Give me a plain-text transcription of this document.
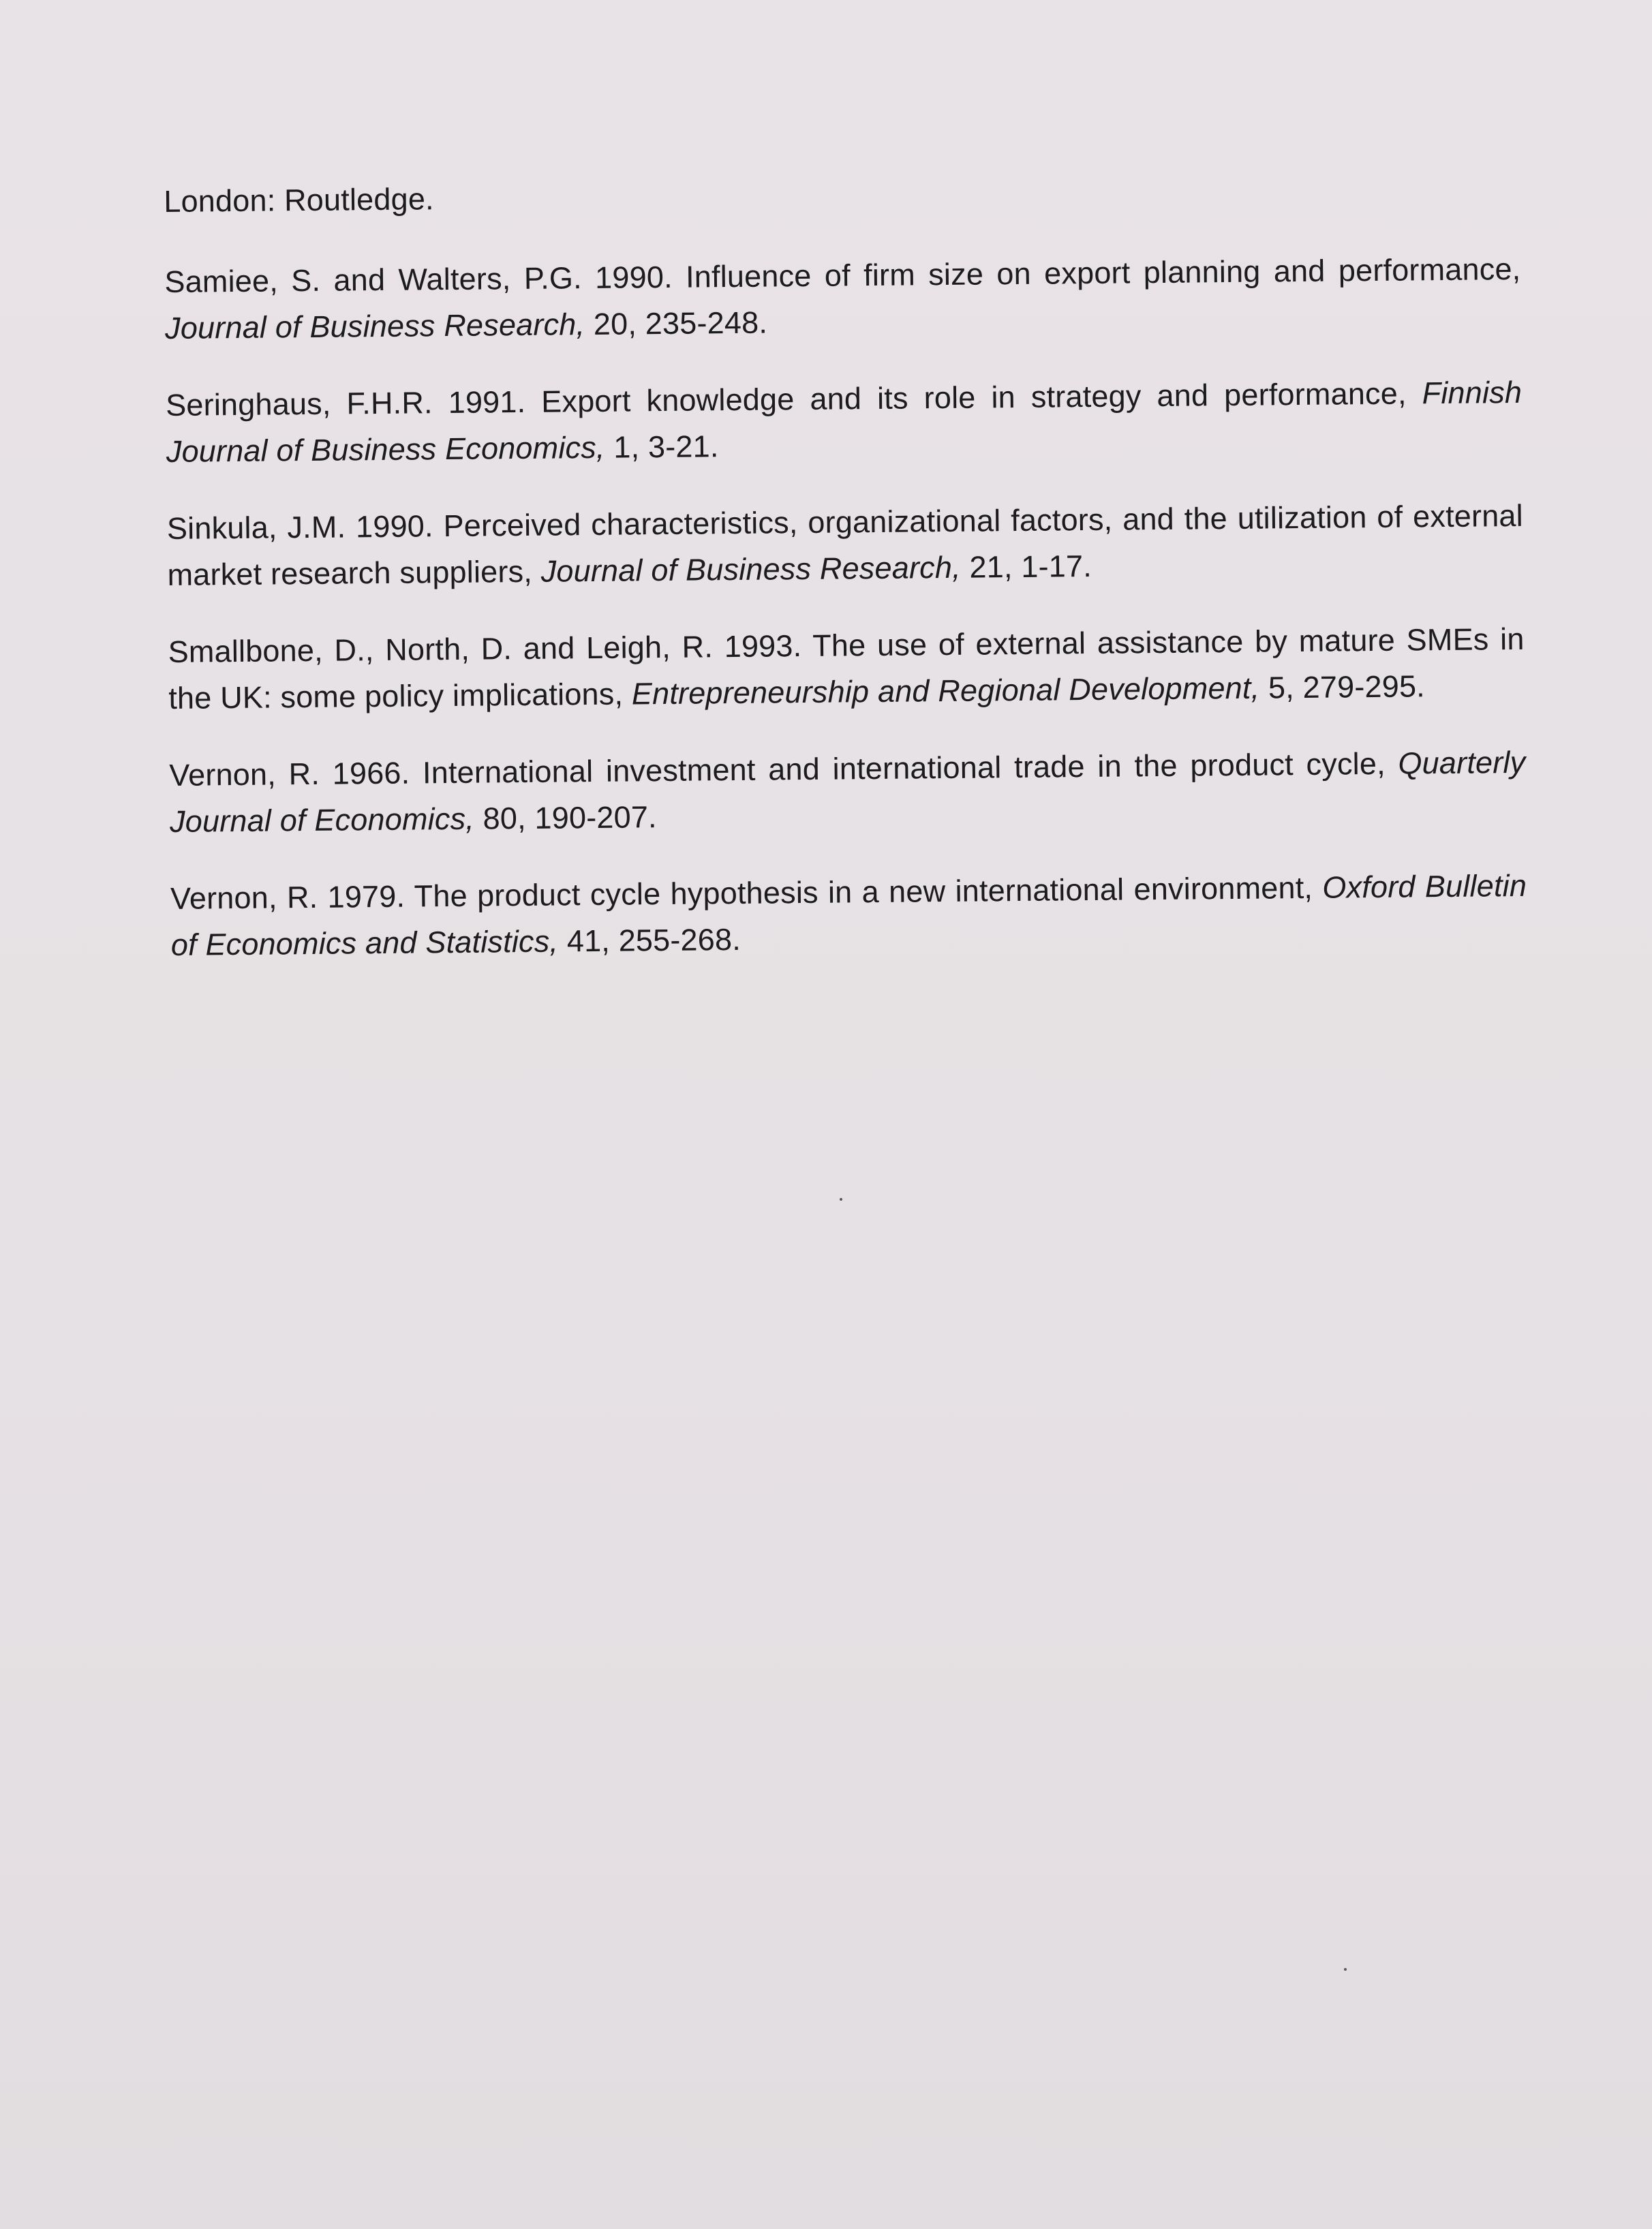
London: Routledge.

Samiee, S. and Walters, P.G. 1990. Influence of firm size on export planning and performance, Journal of Business Research, 20, 235-248.

Seringhaus, F.H.R. 1991. Export knowledge and its role in strategy and performance, Finnish Journal of Business Economics, 1, 3-21.

Sinkula, J.M. 1990. Perceived characteristics, organizational factors, and the utilization of external market research suppliers, Journal of Business Research, 21, 1-17.

Smallbone, D., North, D. and Leigh, R. 1993. The use of external assistance by mature SMEs in the UK: some policy implications, Entrepreneurship and Regional Development, 5, 279-295.

Vernon, R. 1966. International investment and international trade in the product cycle, Quarterly Journal of Economics, 80, 190-207.

Vernon, R. 1979. The product cycle hypothesis in a new international environment, Oxford Bulletin of Economics and Statistics, 41, 255-268.
